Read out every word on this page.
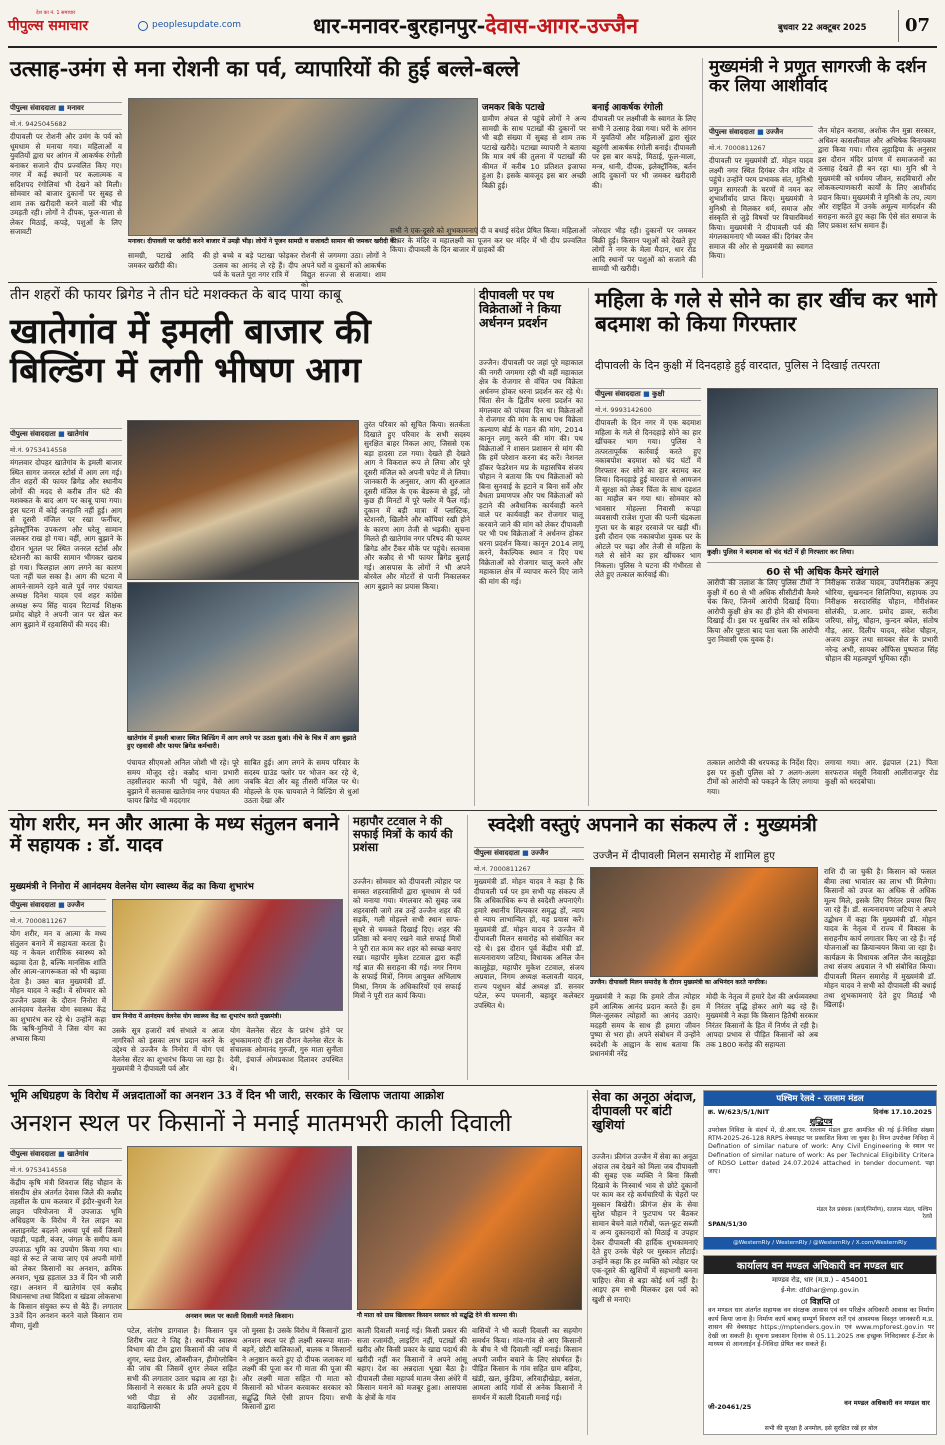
देश का नं. 1 समाचार
पीपुल्स समाचार	peoplesupdate.com	धार-मनावर-बुरहानपुर-देवास-आगर-उज्जैन	बुधवार 22 अक्टूबर 2025	07
उत्साह-उमंग से मना रोशनी का पर्व, व्यापारियों की हुई बल्ले-बल्ले
पीपुल्स संवाददाता ■ मनावर
मो.नं. 9425045682
दीपावली पर रोशनी और उमंग के पर्व को धूमधाम से मनाया गया। महिलाओं व युवतियों द्वारा घर आंगन में आकर्षक रंगोली बनाकर सजाने दीप प्रज्वलित किए गए। नगर में कई स्थानों पर कलात्मक व सदिशपद रंगोलियां भी देखने को मिली। सोमवार को बाजार दुकानों पर सुबह से शाम तक खरीदारी करने वालों की भीड़ उमड़ती रही। लोगों ने दीपक, फूल-माला से लेकर मिठाई, कपड़े, पशुओं के लिए सजावटी
मनावर। दीपावली पर खरीदी करने बाजार में उमड़ी भीड़। लोगों ने पूजन सामग्री व सजावटी सामान की जमकर खरीदी की।
सामग्री, पटाखे आदि की जमकर खरीदी की।
हो बच्चे व बड़े पटाखा फोड़कर उत्सव का आनंद ले रहे हैं। दीप पर्व के चलते पूरा नगर रात्रि में
रोशनी से जगमगा उठा। लोगों ने अपने घरों व दुकानों को आकर्षक विद्युत सज्जा से सजाया। शाम को
जमकर बिके पटाखे
ग्रामीण अंचल से पहुंचे लोगों ने अन्य सामग्री के साथ पटाखों की दुकानों पर भी बड़ी संख्या में सुबह से शाम तक पटाखे खरीदे। पटाखा व्यापारी ने बताया कि मात्र वर्ष की तुलना में पटाखों की कीमत में करीब 10 प्रतिशत इजाफा हुआ है। इसके बावजूद इस बार अच्छी बिक्री हुई।
सभी ने एक-दूसरे को शुभकामनाएं दी व बधाई संदेश प्रेषित किया। महिलाओं ने घर के मंदिर व महालक्ष्मी का पूजन कर घर मंदिर में भी दीप प्रज्वलित किया। दीपावली के दिन बाजार में ग्राहकों की
बनाई आकर्षक रंगोली
दीपावली पर लक्ष्मीजी के स्वागत के लिए सभी ने उत्साह देखा गया। घरों के आंगन में युवतियों और महिलाओं द्वारा सुंदर बहुरंगी आकर्षक रंगोली बनाई। दीपावली पर इस बार कपड़े, मिठाई, फूल-माला, मन्त्र, धानी, दीपक, इलेक्ट्रॉनिक, बर्तन आदि दुकानों पर भी जमकर खरीदारी की।
जोरदार भीड़ रही। दुकानों पर जमकर बिक्री हुई। किसान पशुओं को देखते हुए लोगों ने नगर के मेला मैदान, धार रोड आदि स्थानों पर पशुओं को सजाने की सामग्री भी खरीदी।
मुख्यमंत्री ने प्रणुत सागरजी के दर्शन कर लिया आशीर्वाद
पीपुल्स संवाददाता ■ उज्जैन
मो.नं. 7000811267
दीपावली पर मुख्यमंत्री डॉ. मोहन यादव लक्ष्मी नगर स्थित दिगंबर जैन मंदिर में पहुंचे। उन्होंने परम प्रभावक संत, मुनिश्री प्रणुत सागरजी के चरणों में नमन कर शुभाशीर्वाद प्राप्त किए। मुख्यमंत्री ने मुनिश्री से मिलकर धर्म, समाज और संस्कृति से जुड़े विषयों पर विचारविमर्श किया। मुख्यमंत्री ने दीपावली पर्व की मंगलकामनाएं भी व्यक्त कीं। दिगंबर जैन समाज की ओर से मुख्यमंत्री का स्वागत किया।
जैन मोहन कराया, अशोक जैन मुन्ना सरकार, अधिवन कासलीवाल और अभिषेक बिनायक्या द्वारा किया गया। गौरव लुहाड़िया के अनुसार इस दौरान मंदिर प्रांगण में समाजजनों का उत्साह देखते ही बन रहा था। मुनि श्री ने मुख्यमंत्री को धर्ममय जीवन, सदविचारों और लोककल्याणकारी कार्यों के लिए आशीर्वाद प्रदान किया। मुख्यमंत्री ने मुनिश्री के तप, त्याग और राष्ट्रहित में उनके अमूल्य मार्गदर्शन की सराहना करते हुए कहा कि ऐसे संत समाज के लिए प्रकाश स्तंभ समान हैं।
तीन शहरों की फायर ब्रिगेड ने तीन घंटे मशक्कत के बाद पाया काबू
खातेगांव में इमली बाजार की बिल्डिंग में लगी भीषण आग
पीपुल्स संवाददाता ■ खातेगांव
मो.नं. 9753414558
मंगलवार दोपहर खातेगांव के इमली बाजार स्थित सागर जनरल स्टोर्स में आग लग गई। तीन शहरों की फायर ब्रिगेड और स्थानीय लोगों की मदद से करीब तीन घंटे की मशक्कत के बाद आग पर काबू पाया गया। इस घटना में कोई जनहानि नहीं हुई। आग से दूसरी मंजिल पर रखा फर्नीचर, इलेक्ट्रॉनिक उपकरण और घरेलू सामान जलकर राख हो गया। वहीं, आग बुझाने के दौरान भूतल पर स्थित जनरल स्टोर्स और स्टेशनरी का काफी सामान भीगकर खराब हो गया। फिलहाल आग लगने का कारण पता नहीं चल सका है। आग की घटना में आमने-सामने रहने वाले पूर्व नगर पंचायत अध्यक्ष दिनेश यादव एवं शहर कांग्रेस अध्यक्ष रूप सिंह यादव रिटायर्ड शिक्षक प्रमोद बोहरे ने अपनी जान पर खेल कर आग बुझाने में रहवासियों की मदद की।
खातेगांव में इमली बाजार स्थित बिल्डिंग में आग लगने पर उठता धुआं। नीचे के चित्र में आग बुझाते हुए रहवासी और फायर ब्रिगेड कर्मचारी।
पंचायत सीएमओ अनिल जोशी भी रहे। पूरे समय मौजूद रहे। कन्नौद थाना प्रभारी तहसीलदार काजी भी पहुंचे, वैसे आग बुझाने में सतवास खातेगांव नगर पंचायत की फायर ब्रिगेड भी मददगार
साबित हुई। आग लगने के समय परिवार के सदस्य ग्राउंड फ्लोर पर भोजन कर रहे थे, जबकि बेटा और बहू तीसरी मंजिल पर थे। मोहल्ले के एक चायवाले ने बिल्डिंग से धुआं उठता देखा और
तुरंत परिवार को सूचित किया। सतर्कता दिखाते हुए परिवार के सभी सदस्य सुरक्षित बाहर निकल आए, जिससे एक बड़ा हादसा टल गया। देखते ही देखते आग ने विकराल रूप ले लिया और पूरे दूसरी मंजिल को अपनी चपेट में ले लिया। जानकारी के अनुसार, आग की शुरुआत दूसरी मंजिल के एक बेडरूम से हुई, जो कुछ ही मिनटों में पूरे फ्लोर में फैल गई। दुकान में बड़ी मात्रा में प्लास्टिक, स्टेशनरी, खिलौने और कॉपियां रखी होने के कारण आग तेजी से भड़की। सूचना मिलते ही खातेगांव नगर परिषद की फायर ब्रिगेड और टैंकर मौके पर पहुंचे। सतवास और कन्नौद से भी फायर ब्रिगेड बुलाई गई। आसपास के लोगों ने भी अपने बोरवेल और मोटरों से पानी निकालकर आग बुझाने का प्रयास किया।
दीपावली पर पथ विक्रेताओं ने किया अर्धनग्न प्रदर्शन
उज्जैन। दीपावली पर जहां पूरे महाकाल की नगरी जगमगा रही थी वहीं महाकाल क्षेत्र के रोजगार से वंचित पथ विक्रेता अर्धनग्न होकर धरना प्रदर्शन कर रहे थे। चिंता सेन के द्वितीय धरना प्रदर्शन का मंगलवार को पांचवा दिन था। विक्रेताओं ने रोजगार की मांग के साथ पथ विक्रेता कल्याण बोर्ड के गठन की मांग, 2014 कानून लागू करने की मांग की। पथ विक्रेताओं ने शासन प्रशासन से मांग की कि हमें परेशान करना बंद करें। नेशनल हॉकर फेडरेशन मप्र के महासचिव संजय चौहान ने बताया कि पथ विक्रेताओं को बिना सुनवाई के हटाने व बिना सर्वे और वैधता प्रमाणपत्र और पथ विक्रेताओं को हटाने की अवैधानिक कार्यवाही करने वाले पर कार्यवाही कर रोजगार चालू करवाने जाने की मांग को लेकर दीपावली पर भी पथ विक्रेताओं ने अर्धनग्न होकर धरना प्रदर्शन किया। कानून 2014 लागू करने, वैकल्पिक स्थान न दिए पथ विक्रेताओं को रोजगार चालू करने और महाकाल क्षेत्र में व्यापार करने दिए जाने की मांग की गई।
महिला के गले से सोने का हार खींच कर भागे बदमाश को किया गिरफ्तार
दीपावली के दिन कुक्षी में दिनदहाड़े हुई वारदात, पुलिस ने दिखाई तत्परता
पीपुल्स संवाददाता ■ कुक्षी
मो.नं. 9993142600
दीपावली के दिन नगर में एक बदमाश महिला के गले से दिनदहाड़े सोने का हार खींचकर भाग गया। पुलिस ने तत्परतापूर्वक कार्रवाई करते हुए नकाबपोश बदमाश को चंद घंटों में गिरफ्तार कर सोने का हार बरामद कर लिया। दिनदहाड़े हुई वारदात से आमजन में सुरक्षा को लेकर चिंता के साथ दहशत का माहौल बन गया था। सोमवार को भावसार मोहल्ला निवासी कपड़ा व्यवसायी राजेश गुप्ता की पत्नी चंद्रकला गुप्ता घर के बाहर दरवाजे पर खड़ी थीं। इसी दौरान एक नकाबपोश युवक घर के ओटले पर चढ़ा और तेजी से महिला के गले से सोने का हार खींचकर भाग निकला। पुलिस ने घटना की गंभीरता से लेते हुए तत्काल कार्रवाई की।
कुक्षी। पुलिस ने बदमाश को चंद घंटों में ही गिरफ्तार कर लिया।
60 से भी अधिक कैमरे खंगाले
आरोपी की तलाश के लिए पुलिस टीमों ने कुक्षी में 60 से भी अधिक सीसीटीवी कैमरे चेक किए, जिनमें आरोपी दिखाई दिया। आरोपी कुक्षी क्षेत्र का ही होने की संभावना दिखाई दी। इस पर मुखबिर तंत्र को सक्रिय किया और पुष्टता बाद पता चला कि आरोपी पुरा निवासी एक युवक है।
निरीक्षक राजेश यादव, उपनिरीक्षक अनूप भोरिया, सुखनन्दन सिलिपिया, सहायक उप निरीक्षक सरदारसिंह चौहान, गौरीशंकर सोलंकी, प्र.आर. प्रमोद डावर, सतीश जरिया, सोनू, चौहान, कुन्दन बघेल, संतोष गौड़, आर. दिलीप यादव, संदेश चौहान, अजय ठाकुर तथा सायबर सेल के प्रभारी नरेन्द्र अभी, सायबर ऑफिस पुष्पराज सिंह चौहान की महत्वपूर्ण भूमिका रही।
तत्काल आरोपी की धरपकड़ के निर्देश दिए। इस पर कुक्षी पुलिस को 7 अलग-अलग टीमों को आरोपी को पकड़ने के लिए लगाया गया।
लगाया गया। आर. इंद्रपाल (21) पिता सरफराज मंसूरी निवासी आलीराजपुर रोड कुक्षी को धरदबोचा।
योग शरीर, मन और आत्मा के मध्य संतुलन बनाने में सहायक : डॉ. यादव
मुख्यमंत्री ने निनोरा में आनंदमय वेलनेस योग स्वास्थ्य केंद्र का किया शुभारंभ
पीपुल्स संवाददाता ■ उज्जैन
मो.नं. 7000811267
योग शरीर, मन व आत्मा के मध्य संतुलन बनाने में सहायता करता है। यह न केवल शारीरिक स्वास्थ्य को बढ़ावा देता है, बल्कि मानसिक शांति और आत्म-जागरूकता को भी बढ़ावा देता है। उक्त बात मुख्यमंत्री डॉ. मोहन यादव ने कही। वे सोमवार को उज्जैन प्रवास के दौरान निनोरा में आनंदमय वेलनेस योग स्वास्थ्य केंद्र का शुभारंभ कर रहे थे। उन्होंने कहा कि ऋषि-मुनियों ने जिस योग का अभ्यास किया
ग्राम निनोरा में आनंदमय वेलनेस योग स्वास्थ्य केंद्र का शुभारंभ करते मुख्यमंत्री।
उसके सूत्र हजारों वर्ष संभाले व आज नागरिकों को इसका लाभ प्रदान करने के उद्देश्य से उज्जैन के निनोरा में योग एवं वेलनेस सेंटर का शुभारंभ किया जा रहा है। मुख्यमंत्री ने दीपावली पर्व और
योग वेलनेस सेंटर के प्रारंभ होने पर शुभकामनाएं दीं। इस दौरान वेलनेस सेंटर के संचालक ओमानंद गुरुजी, गुरु माता सुनीता देवी, इंचार्ज ओमप्रकाश दिलावर उपस्थित थे।
महापौर टटवाल ने की सफाई मित्रों के कार्य की प्रशंसा
उज्जैन। सोमवार को दीपावली त्योहार पर समस्त शहरवासियों द्वारा धूमधाम से पर्व को मनाया गया। मंगलवार को सुबह जब शहरवासी जागे तब उन्हें उज्जैन शहर की सड़कें, गली मोहल्ले सभी स्थान साफ-सुथरे से चमकते दिखाई दिए। शहर की प्रतिष्ठा को बनाए रखने वाले सफाई मित्रों ने पूरी रात काम कर शहर को स्वच्छ बनाए रखा। महापौर मुकेश टटवाल द्वारा कहीं गई बात की सराहना की गई। नगर निगम के सफाई मित्रों, निगम आयुक्त अभिलाष मिश्रा, निगम के अधिकारियों एवं सफाई मित्रों ने पूरी रात कार्य किया।
स्वदेशी वस्तुएं अपनाने का संकल्प लें : मुख्यमंत्री
उज्जैन में दीपावली मिलन समारोह में शामिल हुए
पीपुल्स संवाददाता ■ उज्जैन
मो.नं. 7000811267
मुख्यमंत्री डॉ. मोहन यादव ने कहा है कि दीपावली पर्व पर हम सभी यह संकल्प लें कि अधिकाधिक रूप से स्वदेशी अपनाएंगे। हमारे स्थानीय शिल्पकार समृद्ध हों, न्याय से न्याय लाभान्वित हों, यह प्रयास करें। मुख्यमंत्री डॉ. मोहन यादव ने उज्जैन में दीपावली मिलन समारोह को संबोधित कर रहे थे। इस दौरान पूर्व केंद्रीय मंत्री डॉ. सत्यनारायण जटिया, विधायक अनिल जैन कालूहेड़ा, महापौर मुकेश टटवाल, संजय अग्रवाल, निगम अध्यक्ष कलावती यादव, राज्य पशुधन बोर्ड अध्यक्ष डॉ. सनवर पटेल, रूप पमनानी, बहादुर कलेक्टर उपस्थित थे।
उज्जैन। दीपावली मिलन समारोह के दौरान मुख्यमंत्री का अभिनंदन करते नागरिक।
मुख्यमंत्री ने कहा कि हमारे तीज त्योहार हमें आत्मिक आनंद प्रदान करते हैं। हम मिल-जुलकर त्योहारों का आनंद उठाएं। मदहरी समय के साथ ही हमारा जीवन पुष्पा से भरा हो। अपने संबोधन में उन्होंने स्वदेशी के आह्वान के साथ बताया कि प्रधानमंत्री नरेंद्र
मोदी के नेतृत्व में हमारे देश की अर्थव्यवस्था में निरंतर वृद्धि होकर आगे बढ़ रहे हैं। मुख्यमंत्री ने कहा कि किसान हितैषी सरकार निरंतर किसानों के हित में निर्णय ले रही है। आपदा प्रभाव से पीड़ित किसानों को अब तक 1800 करोड़ की सहायता
राशि दी जा चुकी है। किसान को फसल बीमा तथा भावांतर का लाभ भी मिलेगा। किसानों को उपज का अधिक से अधिक मूल्य मिले, इसके लिए निरंतर प्रयास किए जा रहे हैं। डॉ. सत्यनारायण जटिया ने अपने उद्बोधन में कहा कि मुख्यमंत्री डॉ. मोहन यादव के नेतृत्व में राज्य में विकास के सराहनीय कार्य लगातार किए जा रहे हैं। नई योजनाओं का क्रियान्वयन किया जा रहा है। कार्यक्रम के विधायक अनिल जैन कालूहेड़ा तथा संजय अग्रवाल ने भी संबोधित किया। दीपावली मिलन समारोह में मुख्यमंत्री डॉ. मोहन यादव ने सभी को दीपावली की बधाई तथा शुभकामनाएं देते हुए मिठाई भी खिलाई।
भूमि अधिग्रहण के विरोध में अन्नदाताओं का अनशन 33 वें दिन भी जारी, सरकार के खिलाफ जताया आक्रोश
अनशन स्थल पर किसानों ने मनाई मातमभरी काली दिवाली
पीपुल्स संवाददाता ■ खातेगांव
मो.नं. 9753414558
केंद्रीय कृषि मंत्री शिवराज सिंह चौहान के संसदीय क्षेत्र अंतर्गत देवास जिले की कन्नौद तहसील के ग्राम कलवार में इंदौर-बुधनी रेल लाइन परियोजना में उपजाऊ भूमि अधिग्रहण के विरोध में रेल लाइन का अलाइनमेंट बदलने अथवा पूर्व सर्वे जिसमें पहाड़ी, पड़ती, बंजर, जंगल के समीप कम उपजाऊ भूमि का उपयोग किया गया था। वहां से रूट ले जाया जाए एवं अपनी मांगों को लेकर किसानों का अनशन, क्रमिक अनशन, भूख हड़ताल 33 वें दिन भी जारी रहा। अनशन में खातेगांव एवं कन्नौद विधानसभा तथा विदिशा व खंडवा लोकसभा के किसान संयुक्त रूप से बैठे हैं। लगातार 33वें दिन अनशन करने वाले किसान राम मीणा, मुंशी
अनशन स्थल पर काली दिवाली मनाते किसान।	गौ माता को ग्रास खिलाकर किसान सरकार को सद्बुद्धि देने की कामना की।
पटेल, संतोष डागवाल है। किसान पुत्र शिरीष जाट ने जिद्द है। स्थानीय स्वास्थ्य विभाग की टीम द्वारा किसानों की जांच में शुगर, ब्लड प्रेशर, ऑक्सीजन, हीमोग्लोबिन की जांच की जिसमें शुगर लेवल सहित सभी की लगातार उतार चढ़ाव आ रहा है। किसानों ने सरकार के प्रति अपने हृदय में भरी पीड़ा से और उदासीनता, वादाखिलाफी
जो मुस्सा है। उसके विरोध में किसानों द्वारा अनशन स्थल पर ही लक्ष्मी स्वरूपा माता-बहनें, छोटी बालिकाओं, बालक व किसानों ने अनुष्ठान करते हुए दो दीपक जलाकर मां लक्ष्मी की पूजा कर गौ माता की पूजा की और लक्ष्मी माता सहित गौ माता को किसानों को भोजन करवाकर सरकार को सद्बुद्धि मिले ऐसी ज्ञापन दिया। सभी किसानों द्वारा
काली दिवाली मनाई गई। किसी प्रकार की सजा रजामंदी, लाइटिंग नहीं, पटाखों की खरीद और किसी प्रकार के खाद्य पदार्थ की खरीदी नहीं कर किसानों ने अपने आंसू बहाए। देश का अन्नदाता भूखा बैठा है। दीपावली जैसा महापर्व मातम जैसा अंधेरे में किसान मनाने को मजबूर हुआ। आसपास के क्षेत्रों के गांव
वासियों ने भी काली दिवाली का सहयोग समर्थन किया। गांव-गांव से आए किसानों के बीच ने भी दिवाली नहीं मनाई। किसान अपनी जमीन बचाने के लिए संघर्षरत हैं। पीड़ित किसान के गांव सहित ग्राम बड़िया, खंडी, खल, कुंडिया, अरिवाड़ीखेड़ा, बसंता, आमला आदि गांवों से अनेक किसानों ने समर्थन में काली दिवाली मनाई गई।
सेवा का अनूठा अंदाज, दीपावली पर बांटी खुशियां
उज्जैन। फ्रीगंज उज्जैन में सेवा का अनूठा अंदाज तब देखने को मिला जब दीपावली की सुबह एक व्यक्ति ने बिना किसी दिखावे के निःस्वार्थ भाव से छोटे दुकानों पर काम कर रहे कर्मचारियों के चेहरों पर मुस्कान बिखेरी। फ्रीगंज क्षेत्र के सेवा सुरेश चौहान ने फुटपाथ पर बैठकर सामान बेचने वाले गरीबों, फल-फ्रूट सब्जी व अन्य दुकानदारों को मिठाई व उपहार देकर दीपावली की हार्दिक शुभकामनाएं देते हुए उनके चेहरे पर मुस्कान लौटाई। उन्होंने कहा कि हर व्यक्ति को त्योहार पर एक-दूसरे की खुशियों में सहभागी बनना चाहिए। सेवा से बड़ा कोई धर्म नहीं है। आइए हम सभी मिलकर इस पर्व को खुशी से मनाएं।
पश्चिम रेलवे - रतलाम मंडल
क्र. W/623/5/1/NIT	दिनांक 17.10.2025
शुद्धिपत्र
उपरोक्त निविदा के संदर्भ में, डी.आर.एम. रतलाम मंडल द्वारा आमंत्रित की गई ई-निविदा संख्या RTM-2025-26-128 RRPS वेबसाइट पर प्रकाशित किया जा चुका है। निम्न उपरोक्त निविदा में Defination of similar nature of work: Any Civil Engineering के स्थान पर Defination of similar nature of work: As per Technical Eligibility Critera of RDSO Letter dated 24.07.2024 attached in tender document. पढ़ा जाए।
मंडल रेल प्रबंधक (कार्य/निर्माण), रतलाम मंडल, पश्चिम रेलवे
SPAN/51/30
@WesternRly / WesternRly / @WesternRly / X.com/WesternRly
कार्यालय वन मण्डल अधिकारी वन मण्डल धार
माण्डव रोड, धार (म.प्र.) – 454001
ई-मेल: dfdhar@mp.gov.in
ः विज्ञप्ति ः
वन मण्डल धार अंतर्गत सहायक वन संरक्षक आवास एवं वन परिक्षेत्र अधिकारी आवास का निर्माण कार्य किया जाना है। निर्माण कार्य बाबद् सम्पूर्ण विवरण शर्तें एवं आवश्यक विस्तृत जानकारी म.प्र. शासन की वेबसाइट https://mptenders.gov.in एवं www.mpforest.gov.in पर देखी जा सकती है। सूचना प्रकाशन दिनांक से 05.11.2025 तक इच्छुक निविदाकार ई-टेंडर के माध्यम से आनलाईन ई-निविदा प्रेषित कर सकते हैं।
जी-20461/25	वन मण्डल अधिकारी वन मण्डल धार
सभी की सुरक्षा है अनमोल, इसे सुरक्षित रखें हर बोल
